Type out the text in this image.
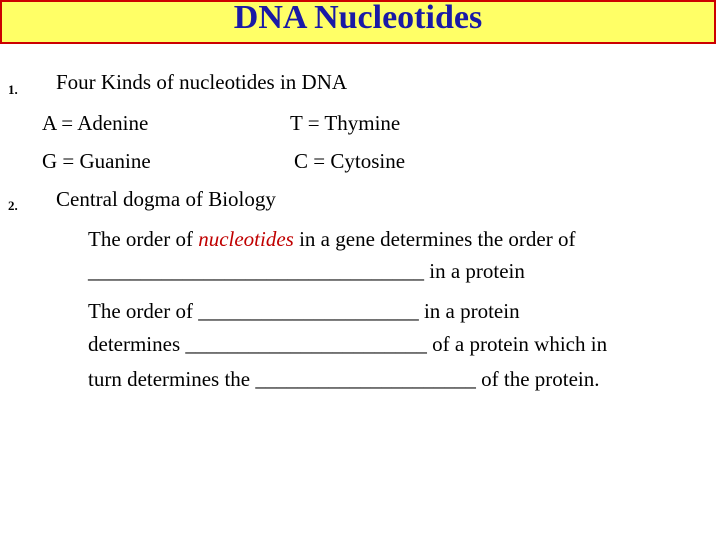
DNA Nucleotides
1. Four Kinds of nucleotides in DNA
A = Adenine	T = Thymine
G = Guanine	C = Cytosine
2. Central dogma of Biology
The order of nucleotides in a gene determines the order of
________________________________ in a protein
The order of _____________________ in a protein
determines _______________________ of a protein which in
turn determines the _____________________ of the protein.
